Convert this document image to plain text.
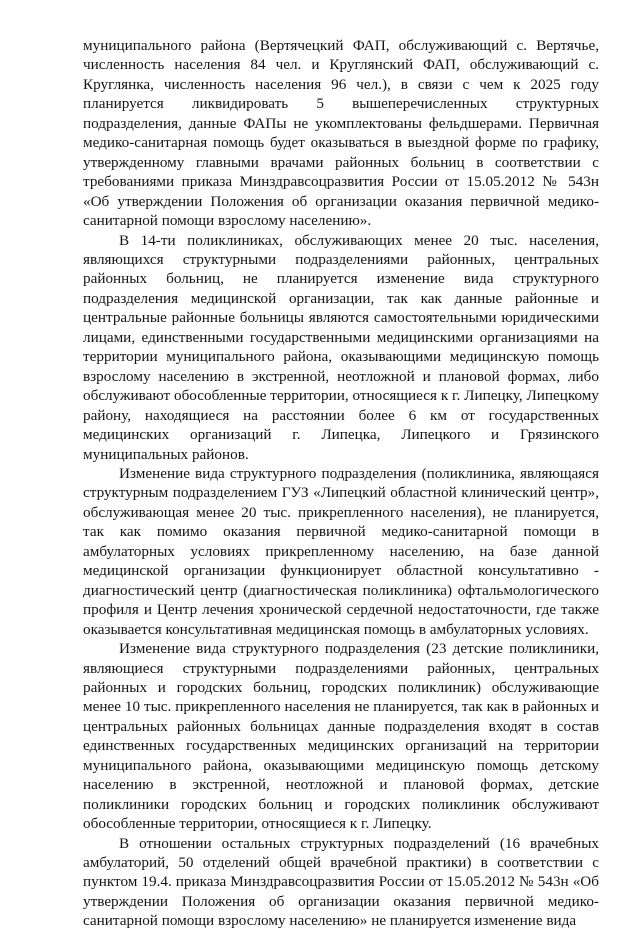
муниципального района (Вертячецкий ФАП, обслуживающий с. Вертячье, численность населения 84 чел. и Круглянский ФАП, обслуживающий с. Круглянка, численность населения 96 чел.), в связи с чем к 2025 году планируется ликвидировать 5 вышеперечисленных структурных подразделения, данные ФАПы не укомплектованы фельдшерами. Первичная медико-санитарная помощь будет оказываться в выездной форме по графику, утвержденному главными врачами районных больниц в соответствии с требованиями приказа Минздравсоцразвития России от 15.05.2012 № 543н «Об утверждении Положения об организации оказания первичной медико-санитарной помощи взрослому населению».

В 14-ти поликлиниках, обслуживающих менее 20 тыс. населения, являющихся структурными подразделениями районных, центральных районных больниц, не планируется изменение вида структурного подразделения медицинской организации, так как данные районные и центральные районные больницы являются самостоятельными юридическими лицами, единственными государственными медицинскими организациями на территории муниципального района, оказывающими медицинскую помощь взрослому населению в экстренной, неотложной и плановой формах, либо обслуживают обособленные территории, относящиеся к г. Липецку, Липецкому району, находящиеся на расстоянии более 6 км от государственных медицинских организаций г. Липецка, Липецкого и Грязинского муниципальных районов.

Изменение вида структурного подразделения (поликлиника, являющаяся структурным подразделением ГУЗ «Липецкий областной клинический центр», обслуживающая менее 20 тыс. прикрепленного населения), не планируется, так как помимо оказания первичной медико-санитарной помощи в амбулаторных условиях прикрепленному населению, на базе данной медицинской организации функционирует областной консультативно - диагностический центр (диагностическая поликлиника) офтальмологического профиля и Центр лечения хронической сердечной недостаточности, где также оказывается консультативная медицинская помощь в амбулаторных условиях.

Изменение вида структурного подразделения (23 детские поликлиники, являющиеся структурными подразделениями районных, центральных районных и городских больниц, городских поликлиник) обслуживающие менее 10 тыс. прикрепленного населения не планируется, так как в районных и центральных районных больницах данные подразделения входят в состав единственных государственных медицинских организаций на территории муниципального района, оказывающими медицинскую помощь детскому населению в экстренной, неотложной и плановой формах, детские поликлиники городских больниц и городских поликлиник обслуживают обособленные территории, относящиеся к г. Липецку.

В отношении остальных структурных подразделений (16 врачебных амбулаторий, 50 отделений общей врачебной практики) в соответствии с пунктом 19.4. приказа Минздравсоцразвития России от 15.05.2012 № 543н «Об утверждении Положения об организации оказания первичной медико-санитарной помощи взрослому населению» не планируется изменение вида
